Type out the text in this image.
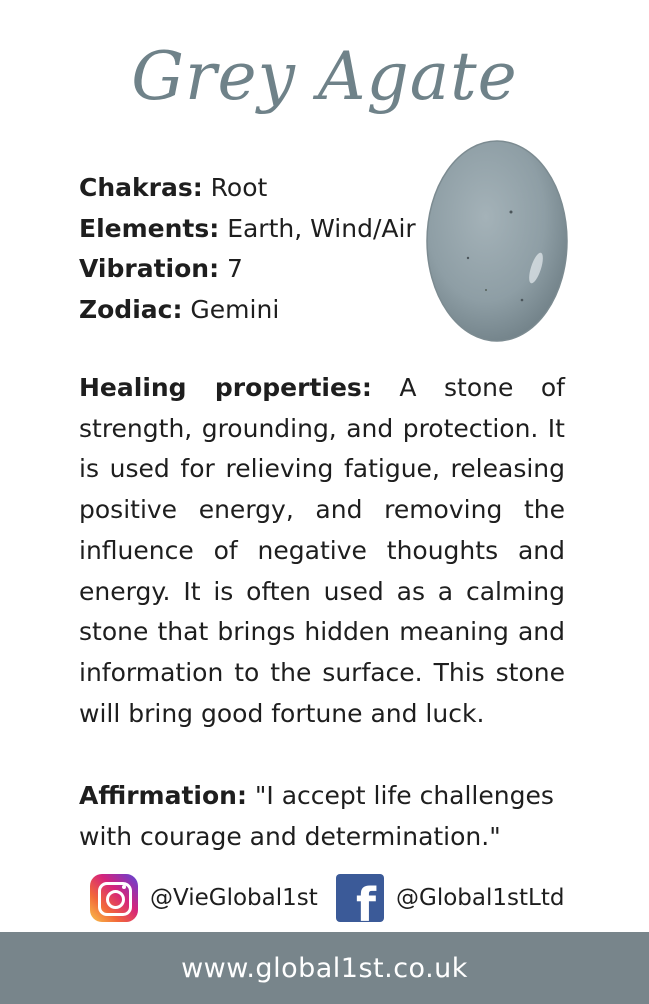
Grey Agate
Chakras: Root
Elements: Earth, Wind/Air
Vibration: 7
Zodiac: Gemini
Healing properties: A stone of strength, grounding, and protection. It is used for relieving fatigue, releasing positive energy, and removing the influence of negative thoughts and energy. It is often used as a calming stone that brings hidden meaning and information to the surface. This stone will bring good fortune and luck.
Affirmation: "I accept life challenges with courage and determination."
@VieGlobal1st f @Global1stLtd
www.global1st.co.uk
